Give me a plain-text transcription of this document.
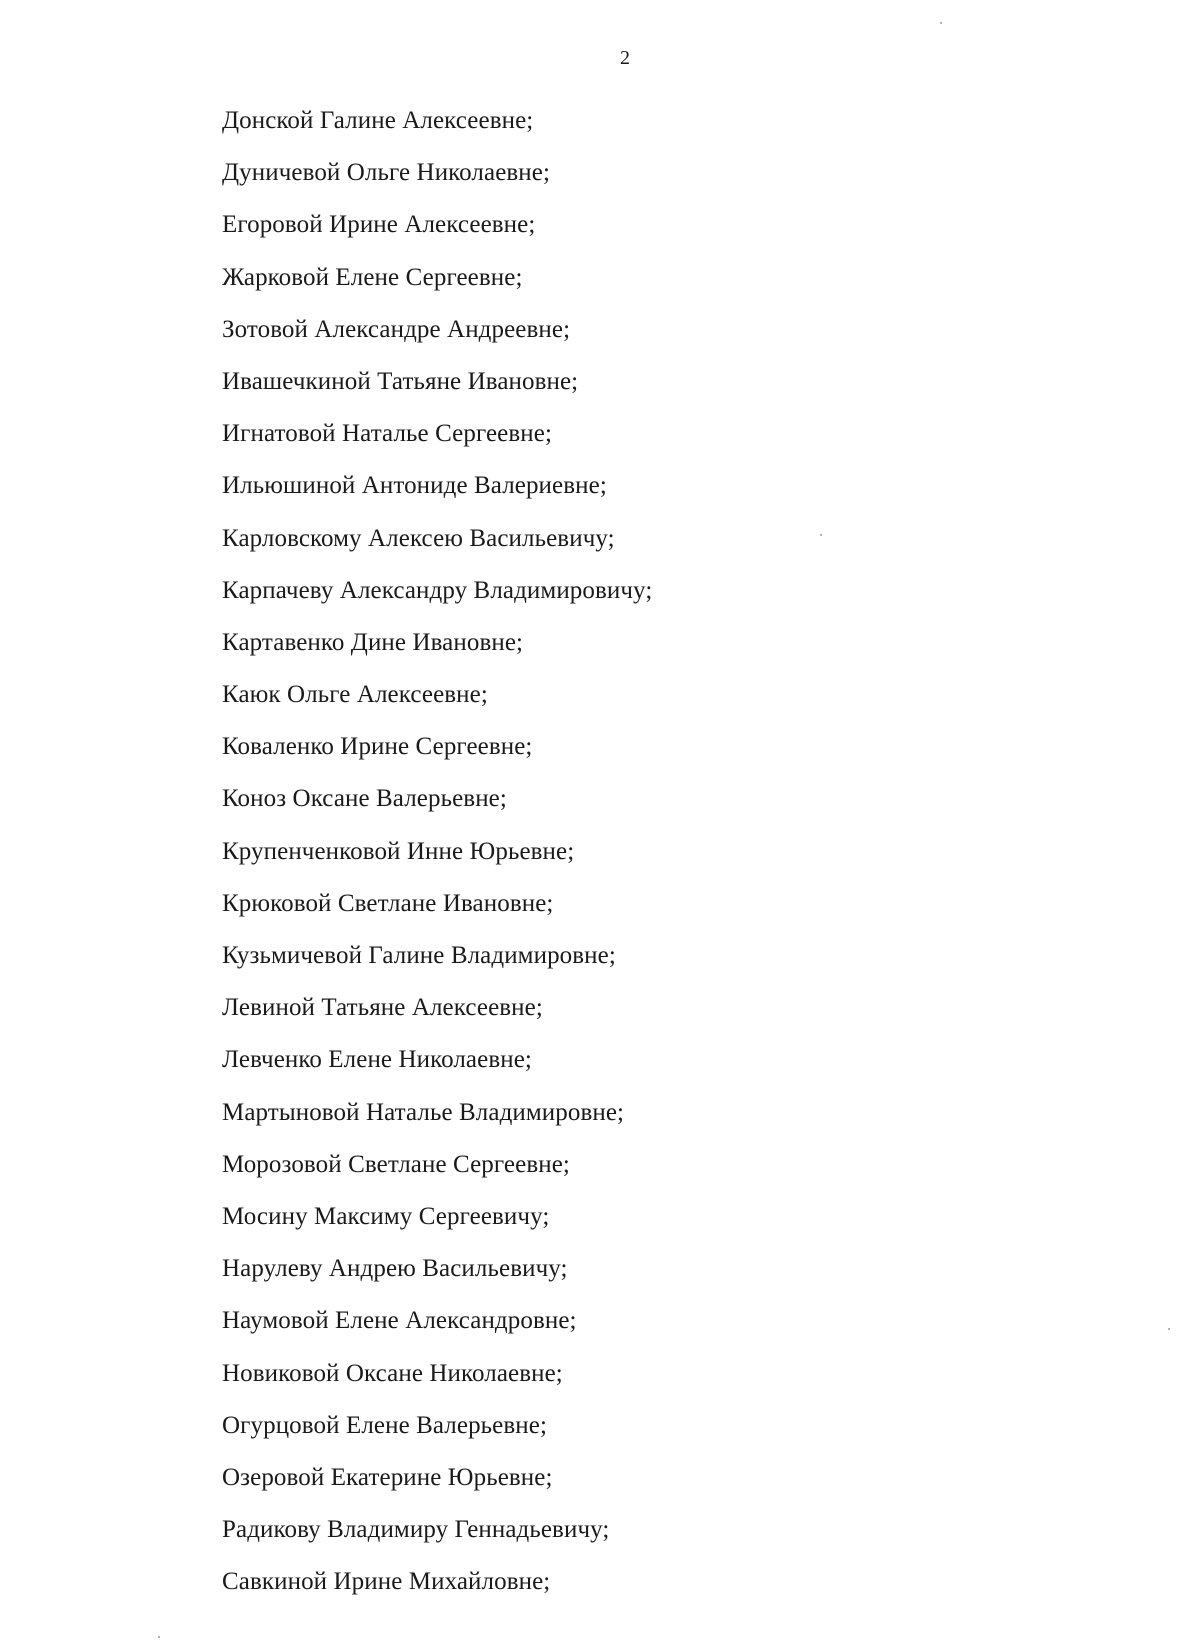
2
Донской Галине Алексеевне;
Дуничевой Ольге Николаевне;
Егоровой Ирине Алексеевне;
Жарковой Елене Сергеевне;
Зотовой Александре Андреевне;
Ивашечкиной Татьяне Ивановне;
Игнатовой Наталье Сергеевне;
Ильюшиной Антониде Валериевне;
Карловскому Алексею Васильевичу;
Карпачеву Александру Владимировичу;
Картавенко Дине Ивановне;
Каюк Ольге Алексеевне;
Коваленко Ирине Сергеевне;
Коноз Оксане Валерьевне;
Крупенченковой Инне Юрьевне;
Крюковой Светлане Ивановне;
Кузьмичевой Галине Владимировне;
Левиной Татьяне Алексеевне;
Левченко Елене Николаевне;
Мартыновой Наталье Владимировне;
Морозовой Светлане Сергеевне;
Мосину Максиму Сергеевичу;
Нарулеву Андрею Васильевичу;
Наумовой Елене Александровне;
Новиковой Оксане Николаевне;
Огурцовой Елене Валерьевне;
Озеровой Екатерине Юрьевне;
Радикову Владимиру Геннадьевичу;
Савкиной Ирине Михайловне;
